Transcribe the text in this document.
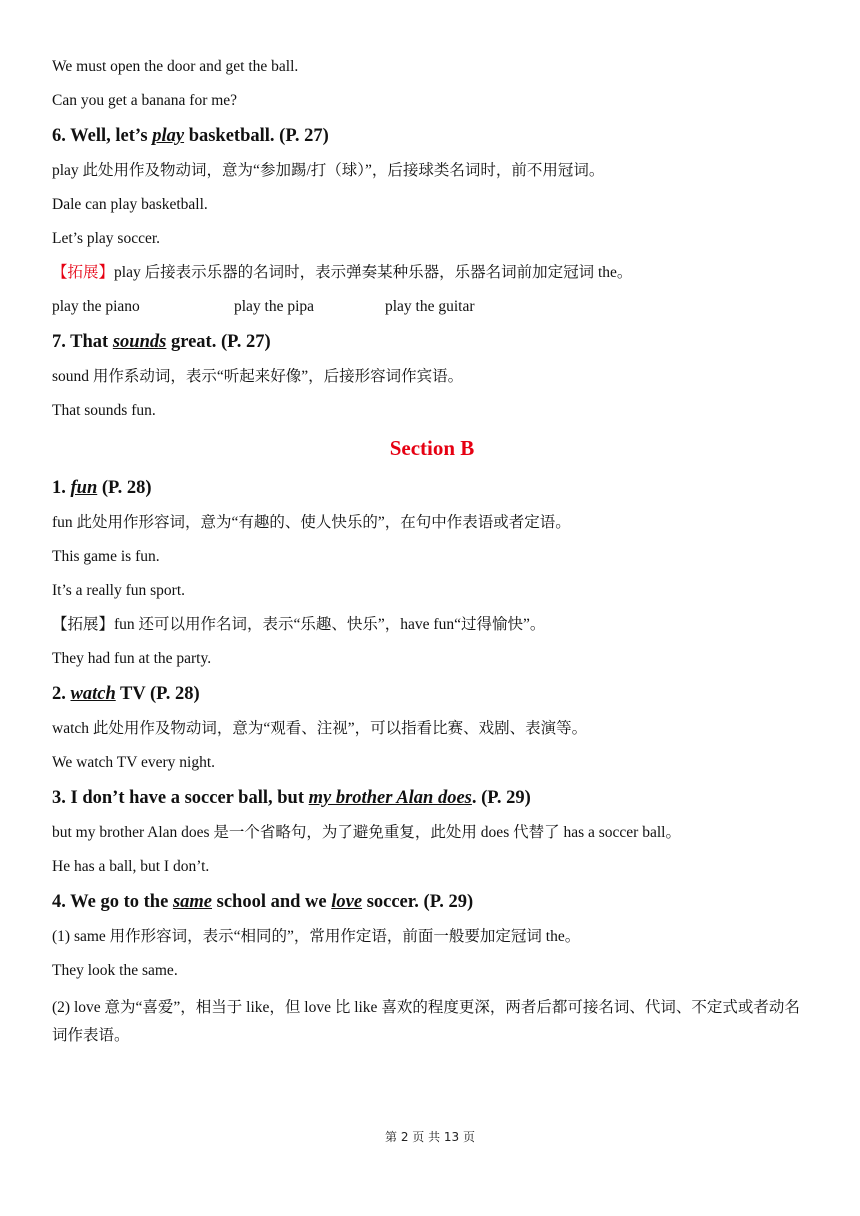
We must open the door and get the ball.

Can you get a banana for me?

6. Well, let’s play basketball. (P. 27)

play 此处用作及物动词，意为“参加踢/打（球）”，后接球类名词时，前不用冠词。

Dale can play basketball.

Let’s play soccer.

【拓展】play 后接表示乐器的名词时，表示弹奏某种乐器，乐器名词前加定冠词 the。

play the piano	play the pipa	play the guitar

7. That sounds great. (P. 27)

sound 用作系动词，表示“听起来好像”，后接形容词作宾语。

That sounds fun.

Section B
1. fun (P. 28)

fun 此处用作形容词，意为“有趣的、使人快乐的”，在句中作表语或者定语。

This game is fun.

It’s a really fun sport.

【拓展】fun 还可以用作名词，表示“乐趣、快乐”，have fun“过得愉快”。

They had fun at the party.

2. watch TV (P. 28)

watch 此处用作及物动词，意为“观看、注视”，可以指看比赛、戏剧、表演等。

We watch TV every night.

3. I don’t have a soccer ball, but my brother Alan does. (P. 29)

but my brother Alan does 是一个省略句，为了避免重复，此处用 does 代替了 has a soccer ball。

He has a ball, but I don’t.

4. We go to the same school and we love soccer. (P. 29)

(1) same 用作形容词，表示“相同的”，常用作定语，前面一般要加定冠词 the。

They look the same.

(2) love 意为“喜爱”，相当于 like，但 love 比 like 喜欢的程度更深，两者后都可接名词、代词、不定式或者动名词作表语。

第 2 页 共 13 页
